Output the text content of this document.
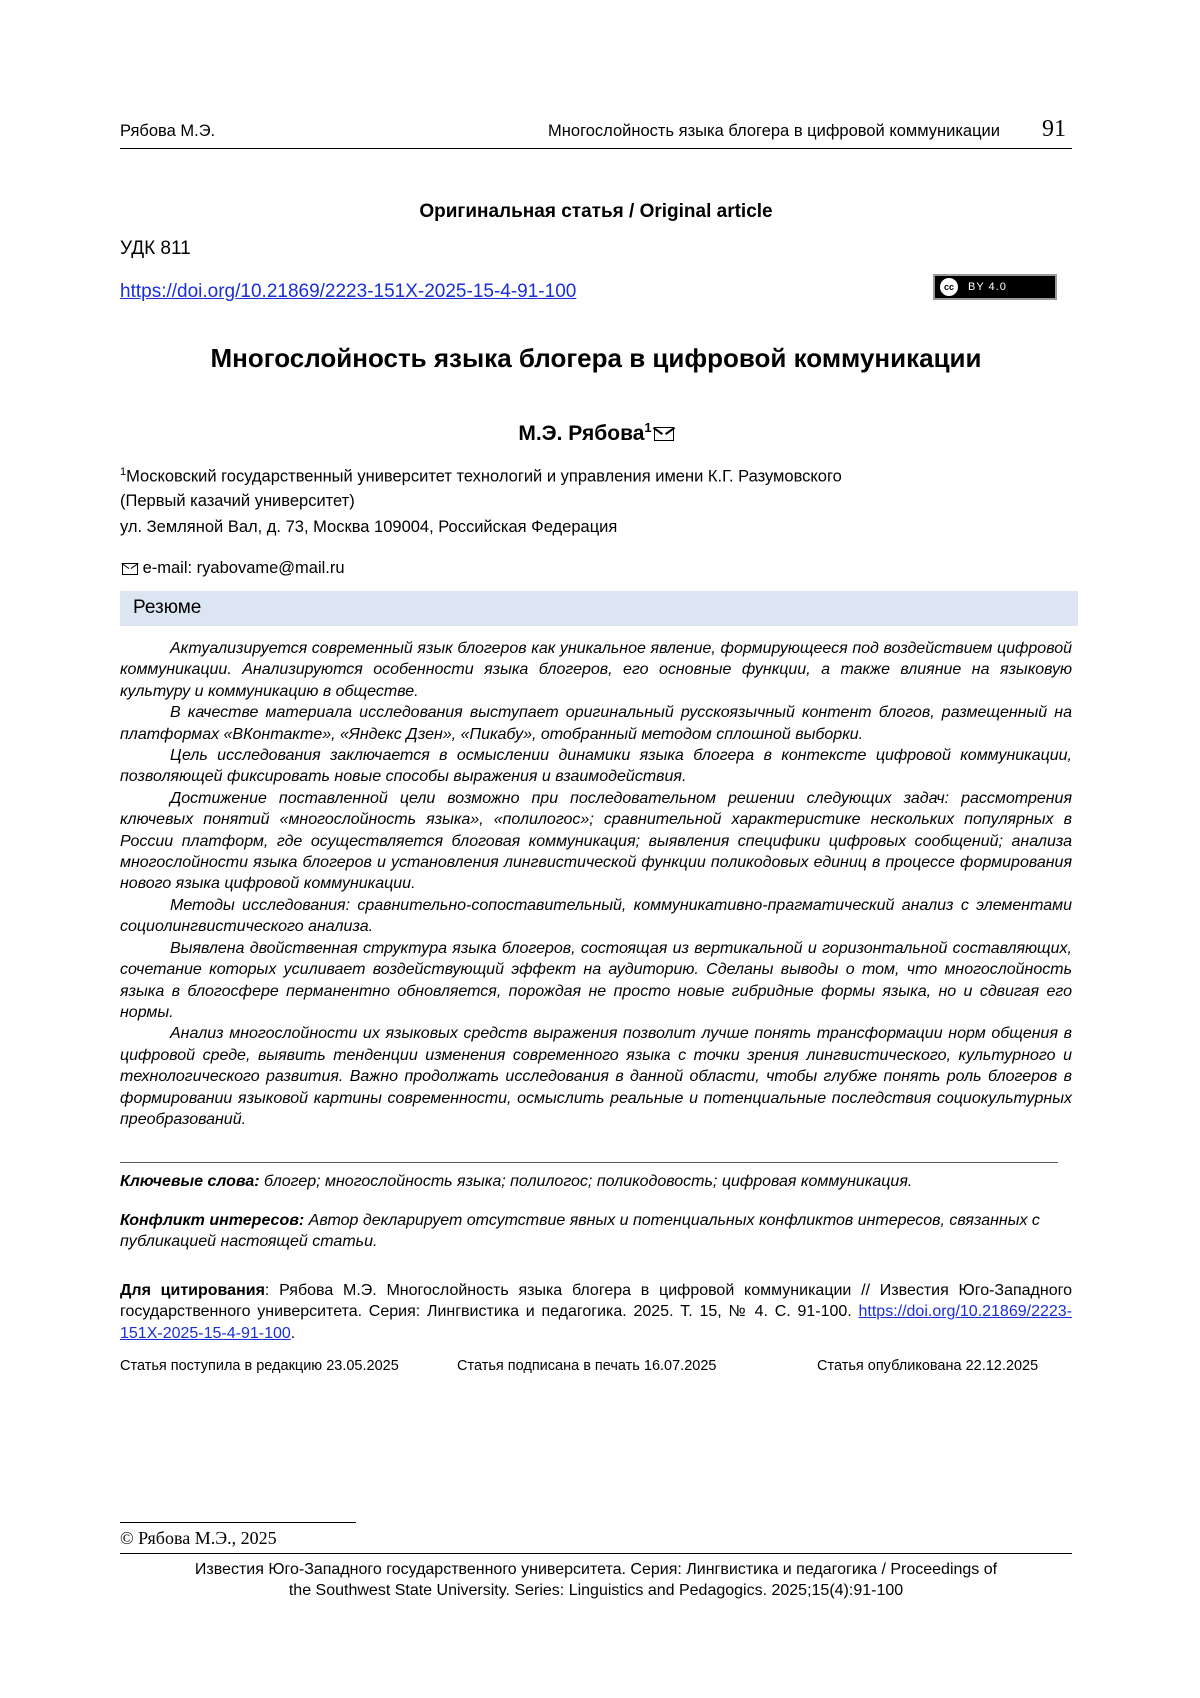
Рябова М.Э.	Многослойность языка блогера в цифровой коммуникации 91
Оригинальная статья / Original article
УДК 811
https://doi.org/10.21869/2223-151X-2025-15-4-91-100	cc	BY 4.0
Многослойность языка блогера в цифровой коммуникации
М.Э. Рябова$^1$
$^1$Московский государственный университет технологий и управления имени К.Г. Разумовского
(Первый казачий университет)
ул. Земляной Вал, д. 73, Москва 109004, Российская Федерация
e-mail: ryabovame@mail.ru
Резюме

Актуализируется современный язык блогеров как уникальное явление, формирующееся под воздействием цифровой коммуникации. Анализируются особенности языка блогеров, его основные функции, а также влияние на языковую культуру и коммуникацию в обществе.

В качестве материала исследования выступает оригинальный русскоязычный контент блогов, размещенный на платформах «ВКонтакте», «Яндекс Дзен», «Пикабу», отобранный методом сплошной выборки.

Цель исследования заключается в осмыслении динамики языка блогера в контексте цифровой коммуникации, позволяющей фиксировать новые способы выражения и взаимодействия.

Достижение поставленной цели возможно при последовательном решении следующих задач: рассмотрения ключевых понятий «многослойность языка», «полилогос»; сравнительной характеристике нескольких популярных в России платформ, где осуществляется блоговая коммуникация; выявления специфики цифровых сообщений; анализа многослойности языка блогеров и установления лингвистической функции поликодовых единиц в процессе формирования нового языка цифровой коммуникации.

Методы исследования: сравнительно-сопоставительный, коммуникативно-прагматический анализ с элементами социолингвистического анализа.

Выявлена двойственная структура языка блогеров, состоящая из вертикальной и горизонтальной составляющих, сочетание которых усиливает воздействующий эффект на аудиторию. Сделаны выводы о том, что многослойность языка в блогосфере перманентно обновляется, порождая не просто новые гибридные формы языка, но и сдвигая его нормы.

Анализ многослойности их языковых средств выражения позволит лучше понять трансформации норм общения в цифровой среде, выявить тенденции изменения современного языка с точки зрения лингвистического, культурного и технологического развития. Важно продолжать исследования в данной области, чтобы глубже понять роль блогеров в формировании языковой картины современности, осмыслить реальные и потенциальные последствия социокультурных преобразований.

Ключевые слова: блогер; многослойность языка; полилогос; поликодовость; цифровая коммуникация.
Конфликт интересов: Автор декларирует отсутствие явных и потенциальных конфликтов интересов, связанных с публикацией настоящей статьи.
Для цитирования: Рябова М.Э. Многослойность языка блогера в цифровой коммуникации // Известия Юго-Западного государственного университета. Серия: Лингвистика и педагогика. 2025. Т. 15, № 4. С. 91-100. https://doi.org/10.21869/2223-151X-2025-15-4-91-100.
Статья поступила в редакцию 23.05.2025	Статья подписана в печать 16.07.2025	Статья опубликована 22.12.2025
© Рябова М.Э., 2025
Известия Юго-Западного государственного университета. Серия: Лингвистика и педагогика / Proceedings of
the Southwest State University. Series: Linguistics and Pedagogics. 2025;15(4):91-100
